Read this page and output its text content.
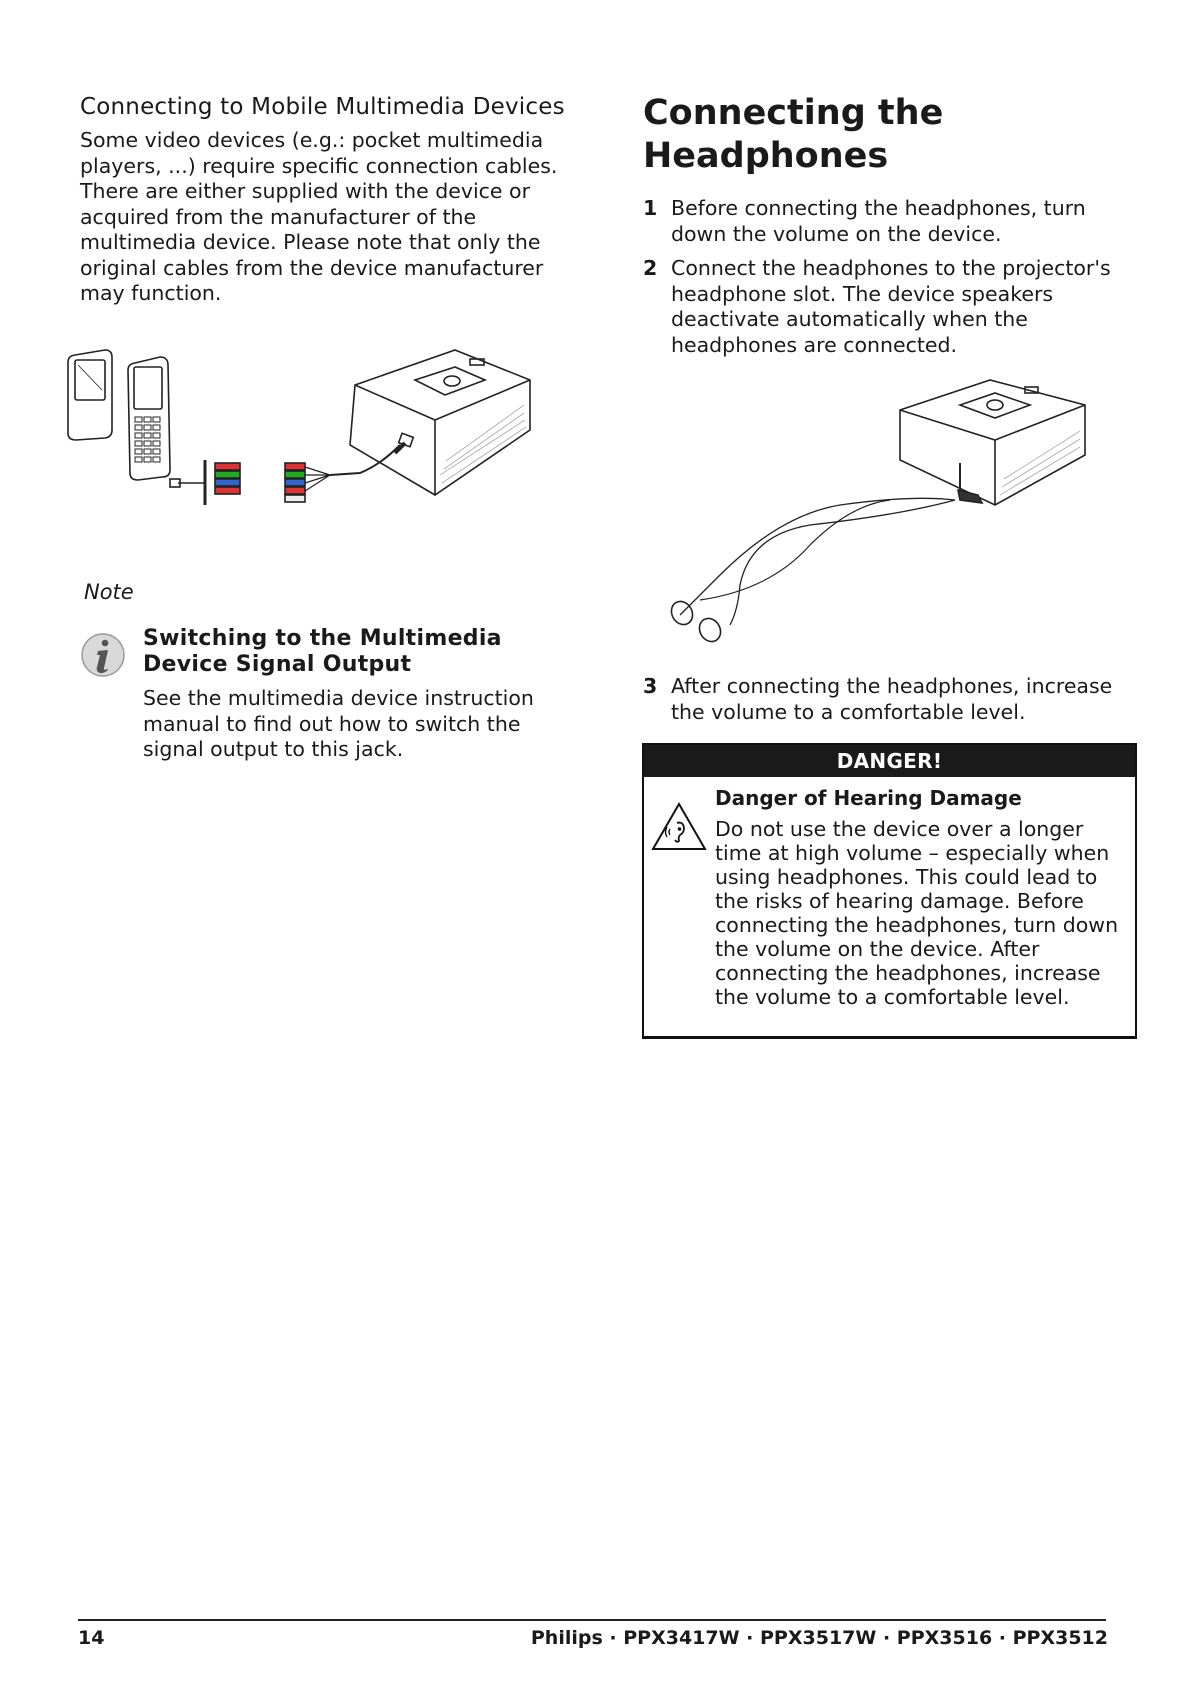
Connecting to Mobile Multimedia Devices

Some video devices (e.g.: pocket multimedia players, ...) require specific connection cables. There are either supplied with the device or acquired from the manufacturer of the multimedia device. Please note that only the original cables from the device manufacturer may function.

Note
Switching to the Multimedia Device Signal Output

See the multimedia device instruction manual to find out how to switch the signal output to this jack.

Connecting the Headphones
1 Before connecting the headphones, turn down the volume on the device.
2 Connect the headphones to the projector's headphone slot. The device speakers deactivate automatically when the headphones are connected.
3 After connecting the headphones, increase the volume to a comfortable level.
DANGER!
Danger of Hearing Damage

Do not use the device over a longer time at high volume – especially when using headphones. This could lead to the risks of hearing damage. Before connecting the headphones, turn down the volume on the device. After connecting the headphones, increase the volume to a comfortable level.

14	Philips · PPX3417W · PPX3517W · PPX3516 · PPX3512
